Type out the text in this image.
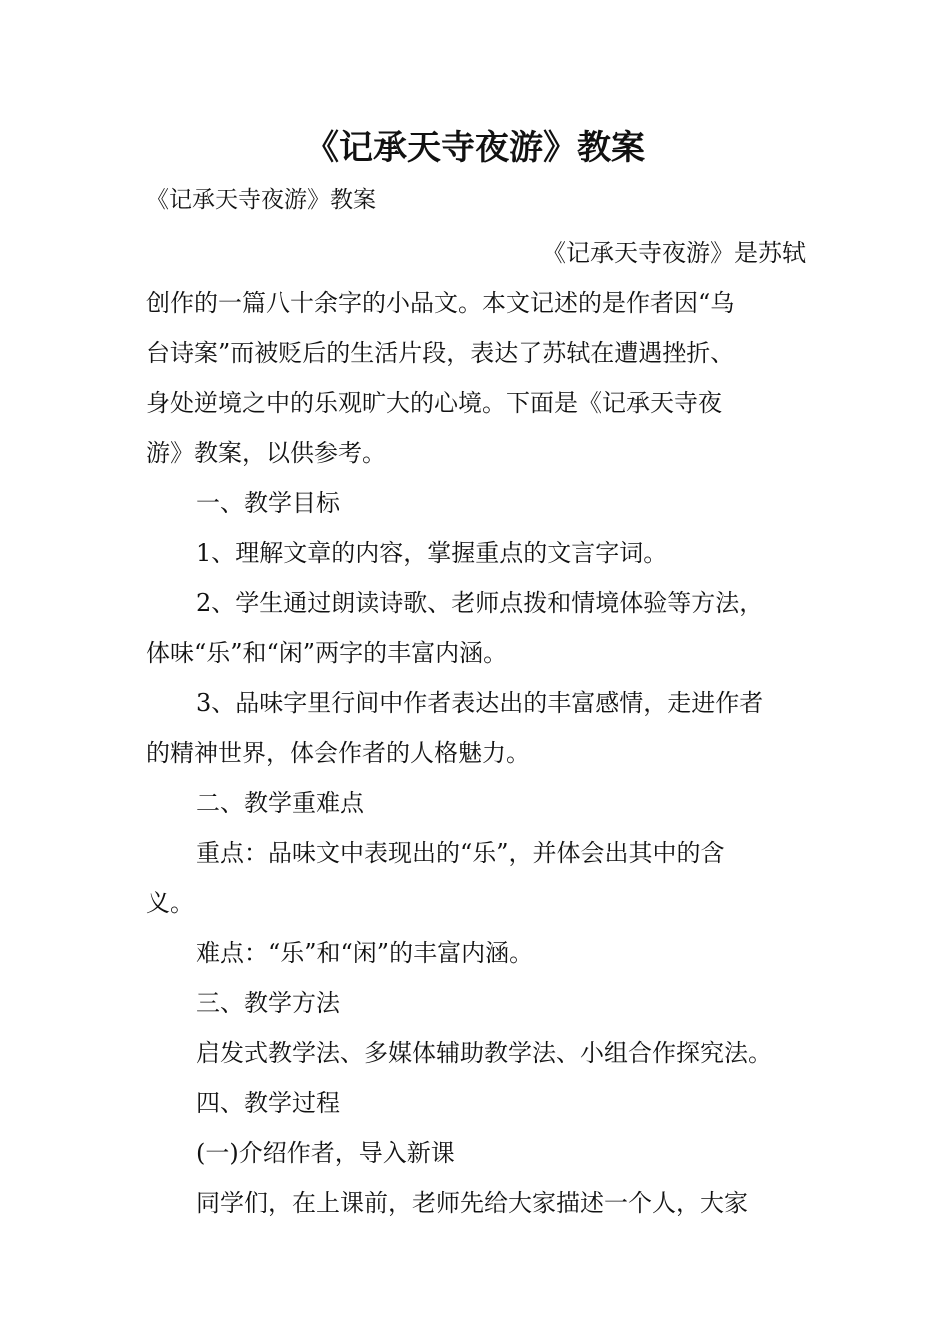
《记承天寺夜游》教案
《记承天寺夜游》教案
《记承天寺夜游》是苏轼
创作的一篇八十余字的小品文。本文记述的是作者因“乌
台诗案”而被贬后的生活片段，表达了苏轼在遭遇挫折、
身处逆境之中的乐观旷大的心境。下面是《记承天寺夜
游》教案，以供参考。
一、教学目标
1、理解文章的内容，掌握重点的文言字词。
2、学生通过朗读诗歌、老师点拨和情境体验等方法，
体味“乐”和“闲”两字的丰富内涵。
3、品味字里行间中作者表达出的丰富感情，走进作者
的精神世界，体会作者的人格魅力。
二、教学重难点
重点：品味文中表现出的“乐”，并体会出其中的含
义。
难点：“乐”和“闲”的丰富内涵。
三、教学方法
启发式教学法、多媒体辅助教学法、小组合作探究法。
四、教学过程
(一)介绍作者，导入新课
同学们，在上课前，老师先给大家描述一个人，大家
